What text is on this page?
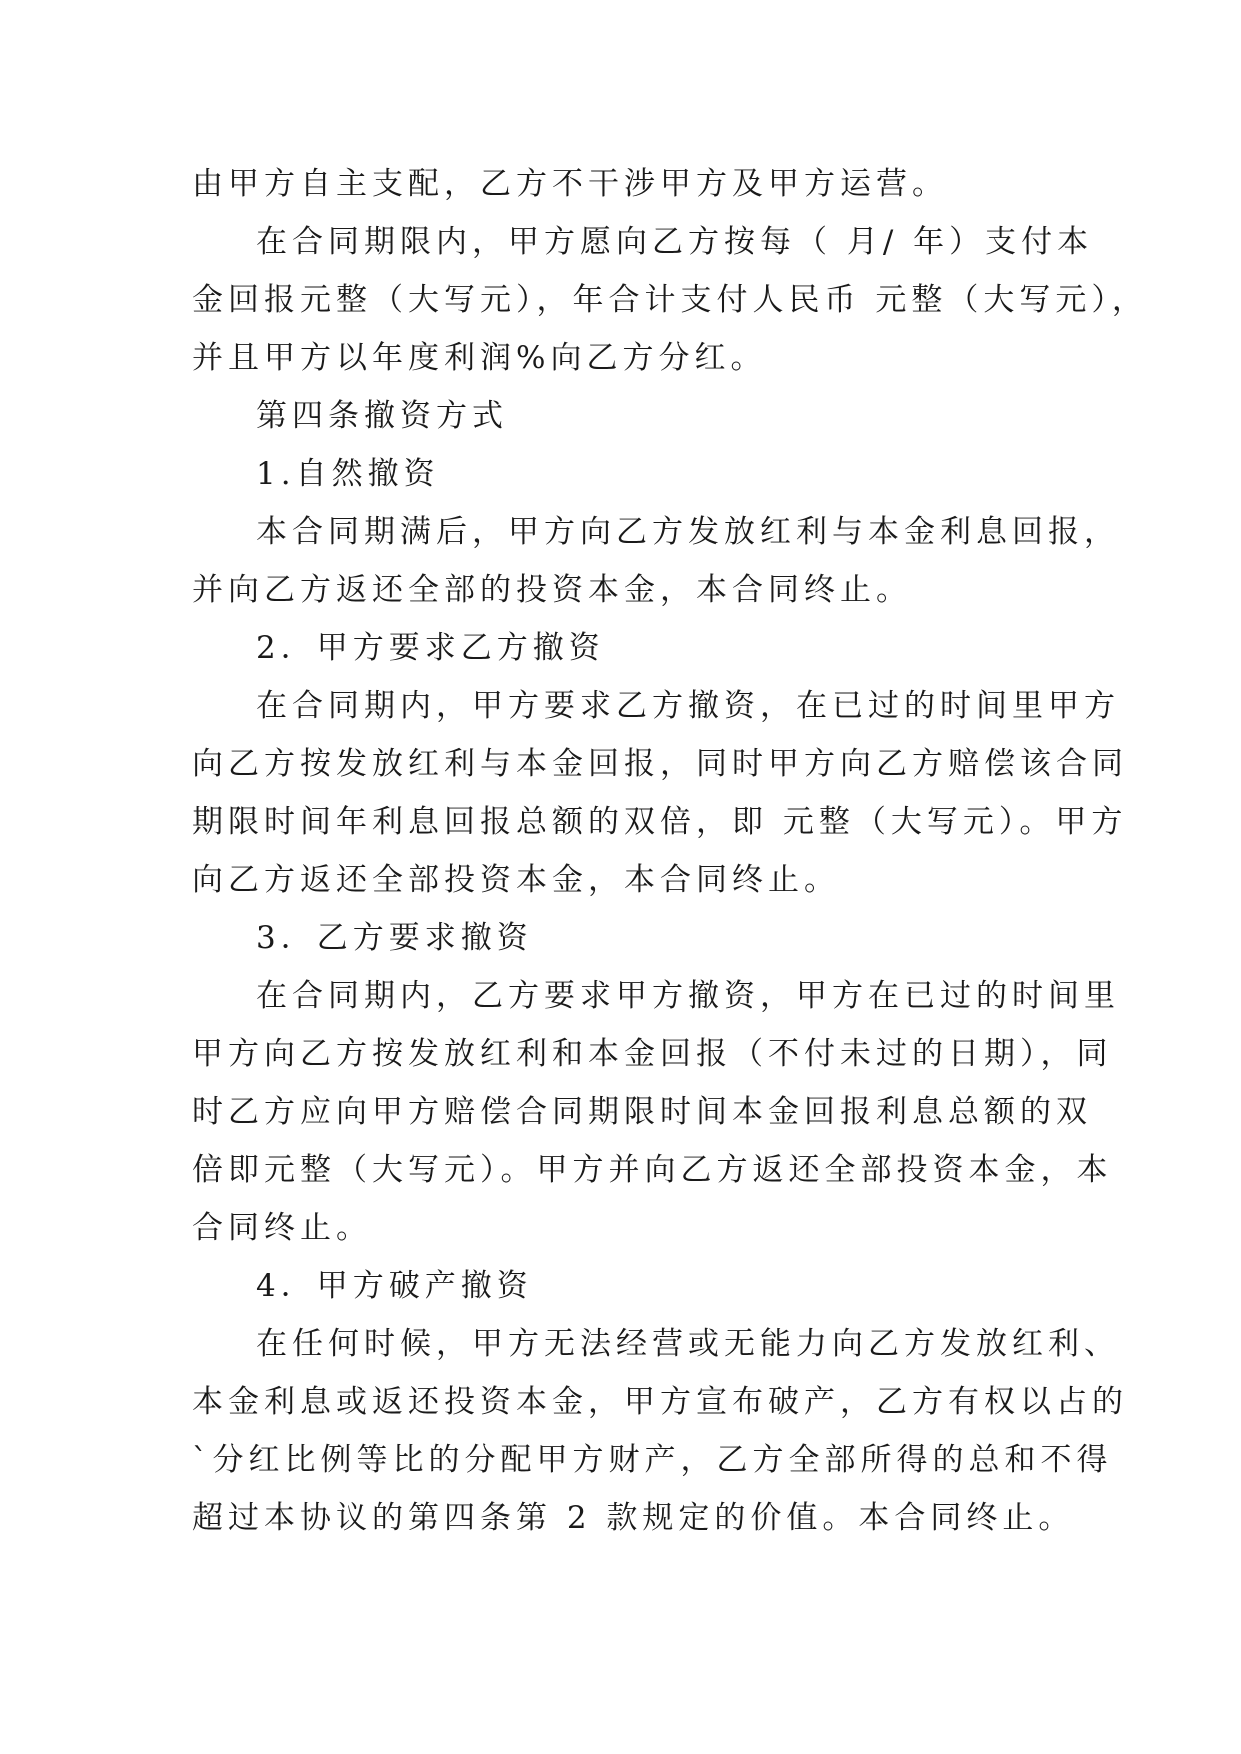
由甲方自主支配，乙方不干涉甲方及甲方运营。
在合同期限内，甲方愿向乙方按每（ 月/ 年）支付本
金回报元整（大写元），年合计支付人民币 元整（大写元），
并且甲方以年度利润%向乙方分红。
第四条撤资方式
1.自然撤资
本合同期满后，甲方向乙方发放红利与本金利息回报，
并向乙方返还全部的投资本金，本合同终止。
2．甲方要求乙方撤资
在合同期内，甲方要求乙方撤资，在已过的时间里甲方
向乙方按发放红利与本金回报，同时甲方向乙方赔偿该合同
期限时间年利息回报总额的双倍，即 元整（大写元）。甲方
向乙方返还全部投资本金，本合同终止。
3．乙方要求撤资
在合同期内，乙方要求甲方撤资，甲方在已过的时间里
甲方向乙方按发放红利和本金回报（不付未过的日期），同
时乙方应向甲方赔偿合同期限时间本金回报利息总额的双
倍即元整（大写元）。甲方并向乙方返还全部投资本金，本
合同终止。
4．甲方破产撤资
在任何时候，甲方无法经营或无能力向乙方发放红利、
本金利息或返还投资本金，甲方宣布破产，乙方有权以占的
`分红比例等比的分配甲方财产，乙方全部所得的总和不得
超过本协议的第四条第 2 款规定的价值。本合同终止。
